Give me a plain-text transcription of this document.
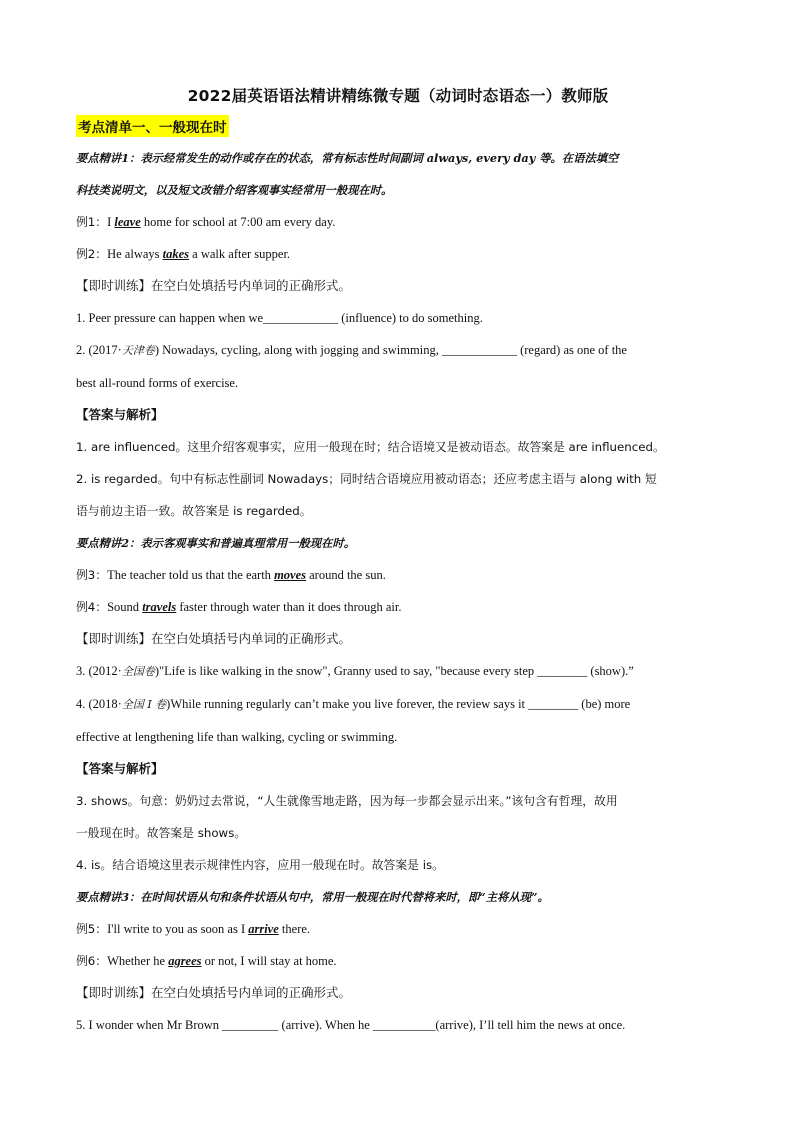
2022届英语语法精讲精练微专题（动词时态语态一）教师版

考点清单一、一般现在时

要点精讲1：表示经常发生的动作或存在的状态，常有标志性时间副词 always, every day 等。在语法填空

科技类说明文，以及短文改错介绍客观事实经常用一般现在时。

例1：I leave home for school at 7:00 am every day.

例2：He always takes a walk after supper.

【即时训练】在空白处填括号内单词的正确形式。

1. Peer pressure can happen when we____________ (influence) to do something.

2. (2017·天津卷) Nowadays, cycling, along with jogging and swimming, ____________ (regard) as one of the

best all-round forms of exercise.

【答案与解析】

1. are influenced。这里介绍客观事实，应用一般现在时；结合语境又是被动语态。故答案是 are influenced。

2. is regarded。句中有标志性副词 Nowadays；同时结合语境应用被动语态；还应考虑主语与 along with 短

语与前边主语一致。故答案是 is regarded。

要点精讲2：表示客观事实和普遍真理常用一般现在时。

例3：The teacher told us that the earth moves around the sun.

例4：Sound travels faster through water than it does through air.

【即时训练】在空白处填括号内单词的正确形式。

3. (2012·全国卷)"Life is like walking in the snow", Granny used to say, "because every step ________ (show).”

4. (2018·全国 I 卷)While running regularly can’t make you live forever, the review says it ________ (be) more

effective at lengthening life than walking, cycling or swimming.

【答案与解析】

3. shows。句意：奶奶过去常说，“人生就像雪地走路，因为每一步都会显示出来。”该句含有哲理，故用

一般现在时。故答案是 shows。

4. is。结合语境这里表示规律性内容，应用一般现在时。故答案是 is。

要点精讲3：在时间状语从句和条件状语从句中，常用一般现在时代替将来时，即“主将从现”。

例5：I'll write to you as soon as I arrive there.

例6：Whether he agrees or not, I will stay at home.

【即时训练】在空白处填括号内单词的正确形式。

5. I wonder when Mr Brown _________ (arrive). When he __________(arrive), I’ll tell him the news at once.
